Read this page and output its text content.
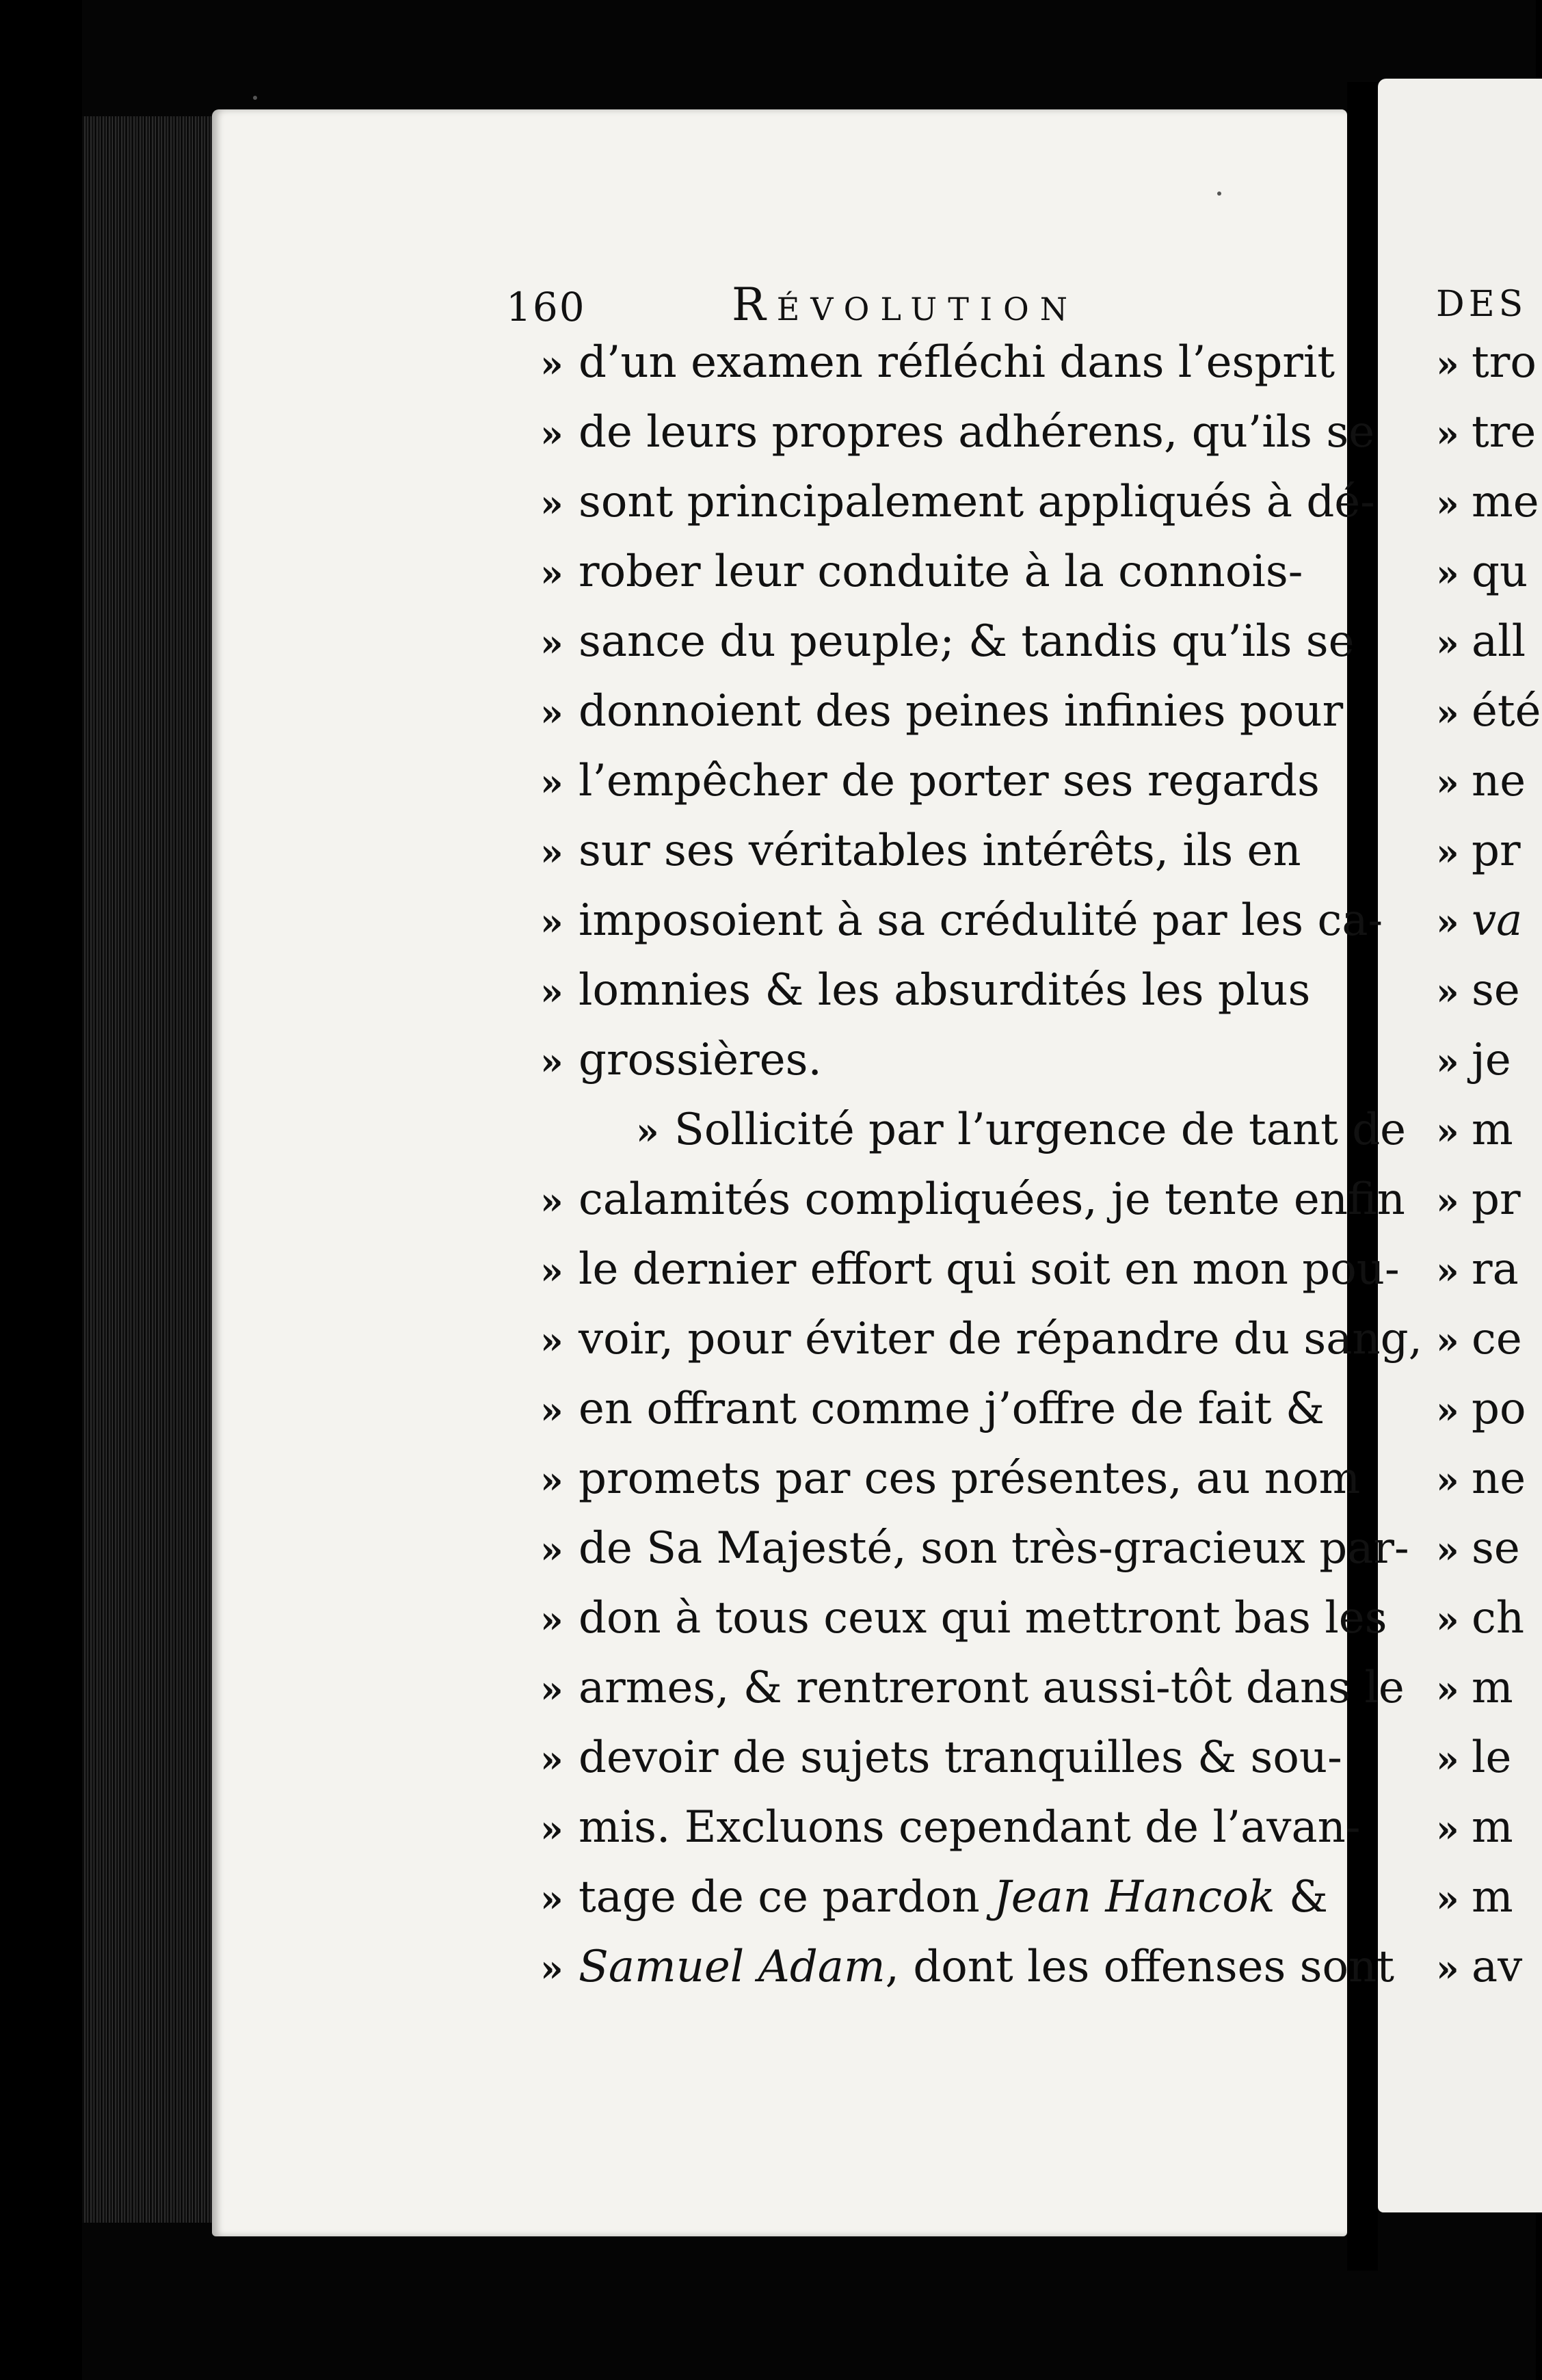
160	Révolution
» d’un examen réfléchi dans l’esprit
» de leurs propres adhérens, qu’ils se
» sont principalement appliqués à dé-
» rober leur conduite à la connois-
» sance du peuple; & tandis qu’ils se
» donnoient des peines infinies pour
» l’empêcher de porter ses regards
» sur ses véritables intérêts, ils en
» imposoient à sa crédulité par les ca-
» lomnies & les absurdités les plus
» grossières.
» Sollicité par l’urgence de tant de
» calamités compliquées, je tente enfin
» le dernier effort qui soit en mon pou-
» voir, pour éviter de répandre du sang,
» en offrant comme j’offre de fait &
» promets par ces présentes, au nom
» de Sa Majesté, son très-gracieux par-
» don à tous ceux qui mettront bas les
» armes, & rentreront aussi-tôt dans le
» devoir de sujets tranquilles & sou-
» mis. Excluons cependant de l’avan-
» tage de ce pardon Jean Hancok &
» Samuel Adam, dont les offenses sont
DES
» tro
» tre
» me
» qu
» all
» été
» ne
» pr
» va
» se
» je
» m
» pr
» ra
» ce
» po
» ne
» se
» ch
» m
» le
» m
» m
» av
